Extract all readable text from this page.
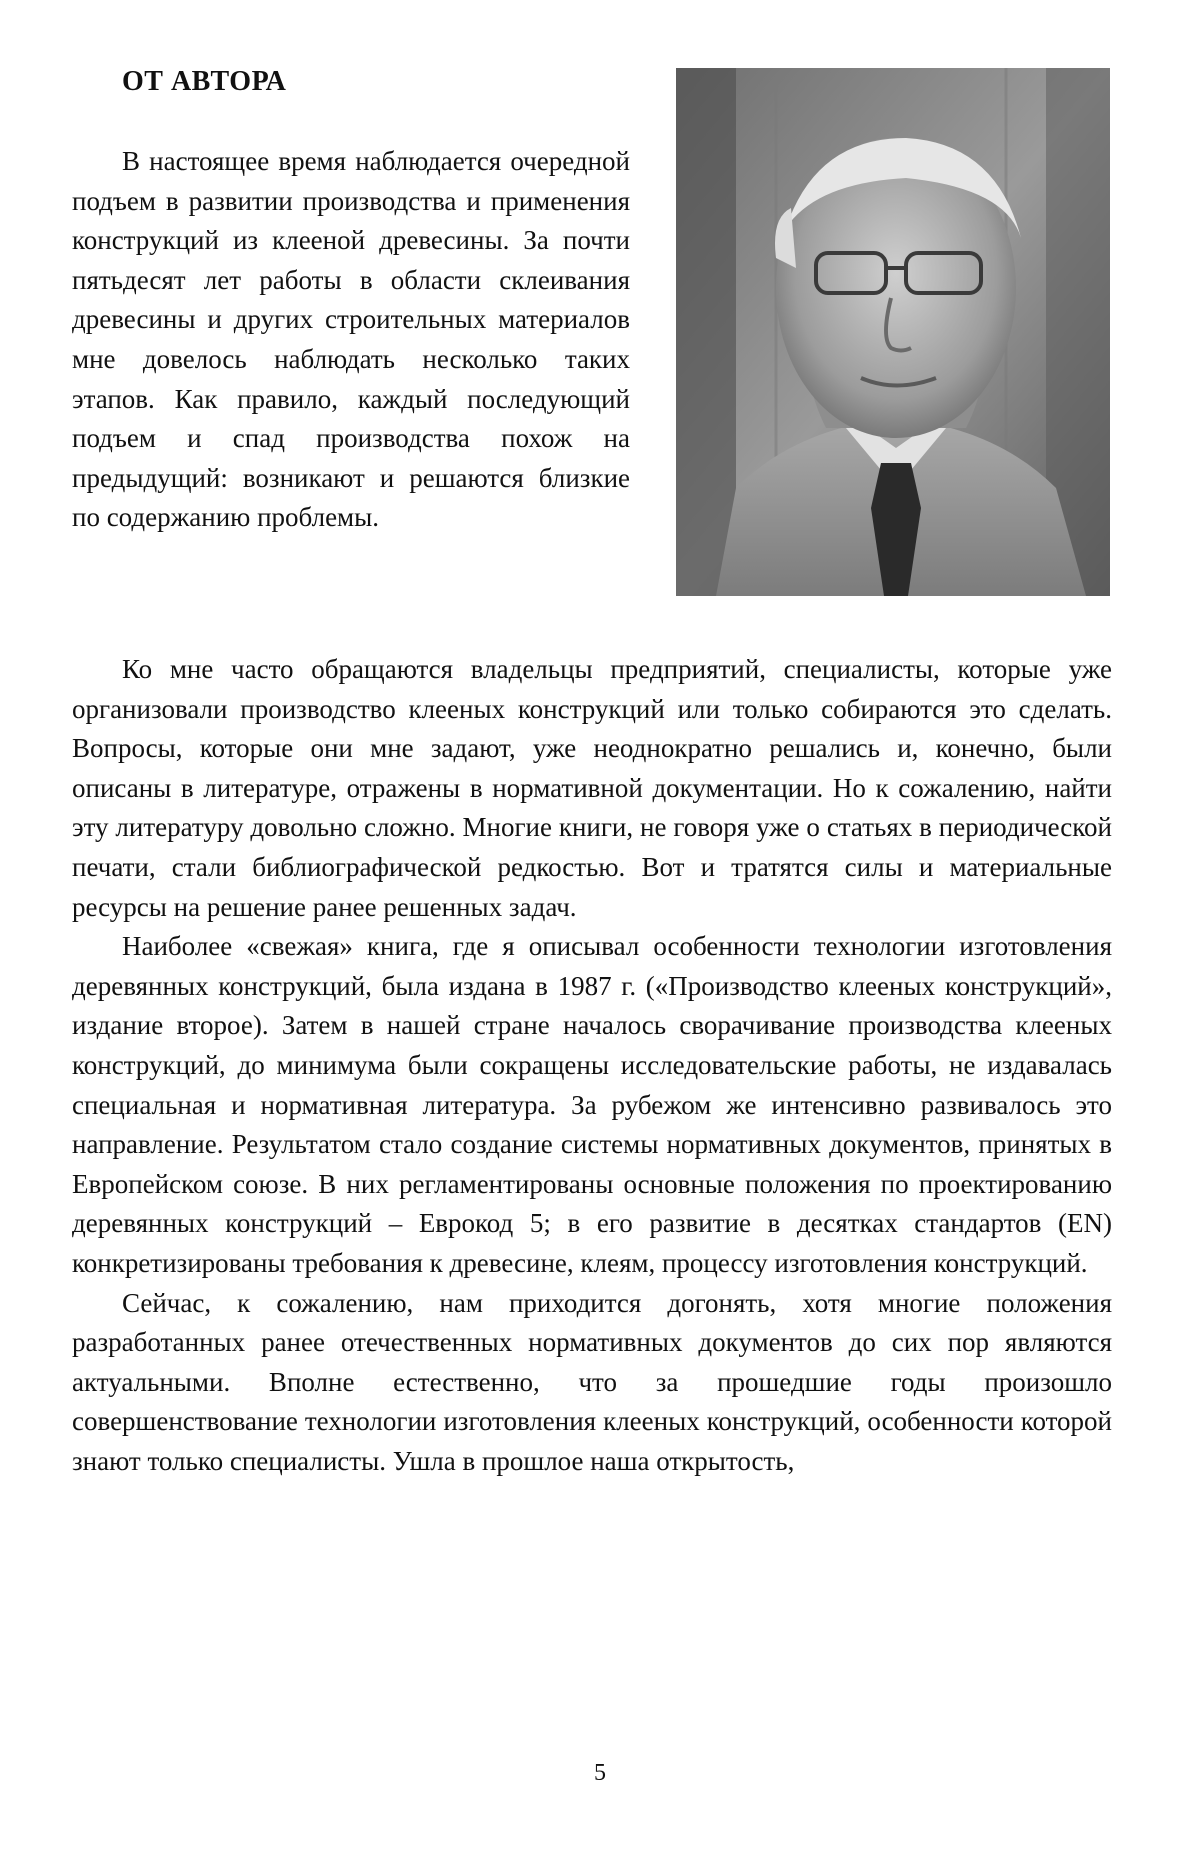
ОТ АВТОРА

В настоящее время наблюдается очередной подъем в развитии производства и применения конструкций из клееной древесины. За почти пятьдесят лет работы в области склеивания древесины и других строительных материалов мне довелось наблюдать несколько таких этапов. Как правило, каждый последующий подъем и спад производства похож на предыдущий: возникают и решаются близкие по содержанию проблемы.

Ко мне часто обращаются владельцы предприятий, специалисты, которые уже организовали производство клееных конструкций или только собираются это сделать. Вопросы, которые они мне задают, уже неоднократно решались и, конечно, были описаны в литературе, отражены в нормативной документации. Но к сожалению, найти эту литературу довольно сложно. Многие книги, не говоря уже о статьях в периодической печати, стали библиографической редкостью. Вот и тратятся силы и материальные ресурсы на решение ранее решенных задач.

Наиболее «свежая» книга, где я описывал особенности технологии изготовления деревянных конструкций, была издана в 1987 г. («Производство клееных конструкций», издание второе). Затем в нашей стране началось сворачивание производства клееных конструкций, до минимума были сокращены исследовательские работы, не издавалась специальная и нормативная литература. За рубежом же интенсивно развивалось это направление. Результатом стало создание системы нормативных документов, принятых в Европейском союзе. В них регламентированы основные положения по проектированию деревянных конструкций – Еврокод 5; в его развитие в десятках стандартов (EN) конкретизированы требования к древесине, клеям, процессу изготовления конструкций.

Сейчас, к сожалению, нам приходится догонять, хотя многие положения разработанных ранее отечественных нормативных документов до сих пор являются актуальными. Вполне естественно, что за прошедшие годы произошло совершенствование технологии изготовления клееных конструкций, особенности которой знают только специалисты. Ушла в прошлое наша открытость,

5
